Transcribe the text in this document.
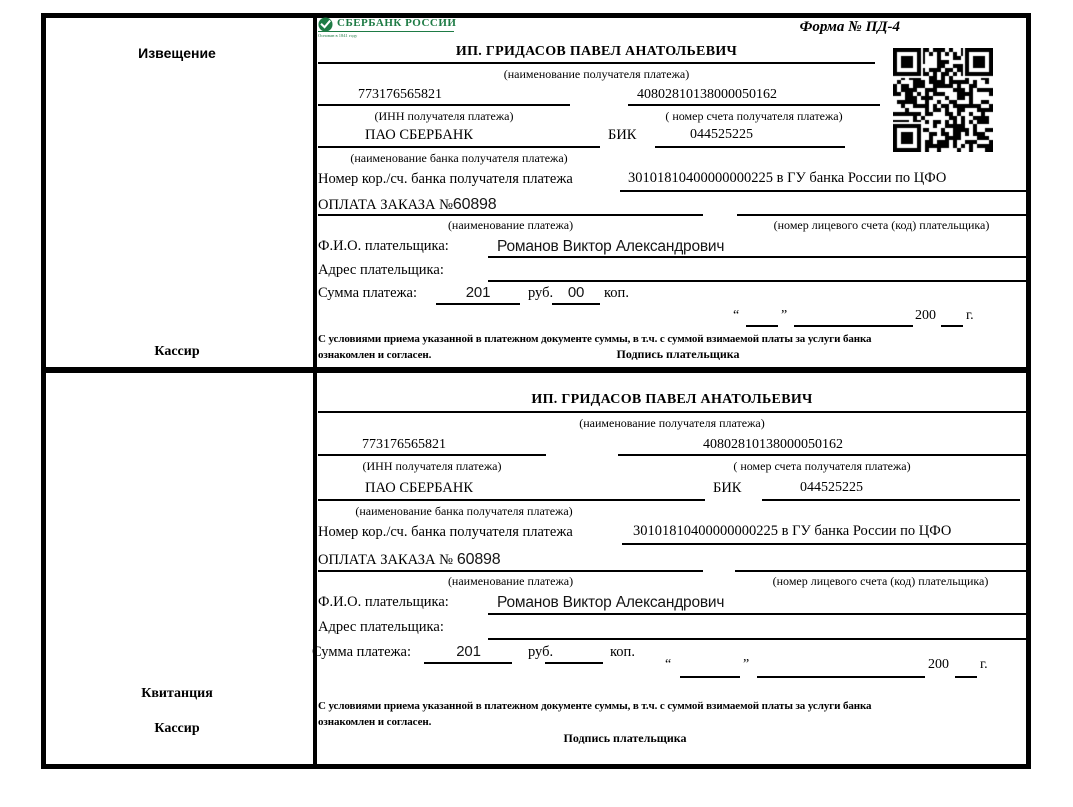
Извещение
Кассир
СБЕРБАНК РОССИИ
Основан в 1841 году
Форма № ПД-4
ИП. ГРИДАСОВ ПАВЕЛ АНАТОЛЬЕВИЧ
(наименование получателя платежа)
773176565821	40802810138000050162
(ИНН получателя платежа)	( номер счета получателя платежа)
ПАО СБЕРБАНК	БИК	044525225
(наименование банка получателя платежа)
Номер кор./сч. банка получателя платежа	30101810400000000225 в ГУ банка России по ЦФО
ОПЛАТА ЗАКАЗА №60898
(наименование платежа)	(номер лицевого счета (код) плательщика)
Ф.И.О. плательщика:	Романов Виктор Александрович
Адрес плательщика:
Сумма платежа:	201	руб. 00	коп.
“	”	200 г.
С условиями приема указанной в платежном документе суммы, в т.ч. с суммой взимаемой платы за услуги банка
ознакомлен и согласен.	Подпись плательщика
Квитанция
Кассир
ИП. ГРИДАСОВ ПАВЕЛ АНАТОЛЬЕВИЧ
(наименование получателя платежа)
773176565821	40802810138000050162
(ИНН получателя платежа)	( номер счета получателя платежа)
ПАО СБЕРБАНК	БИК	044525225
(наименование банка получателя платежа)
Номер кор./сч. банка получателя платежа	30101810400000000225 в ГУ банка России по ЦФО
ОПЛАТА ЗАКАЗА № 60898
(наименование платежа)	(номер лицевого счета (код) плательщика)
Ф.И.О. плательщика:	Романов Виктор Александрович
Адрес плательщика:
Сумма платежа:	201	руб.	коп.
“	”	200 г.
С условиями приема указанной в платежном документе суммы, в т.ч. с суммой взимаемой платы за услуги банка
ознакомлен и согласен.
Подпись плательщика
